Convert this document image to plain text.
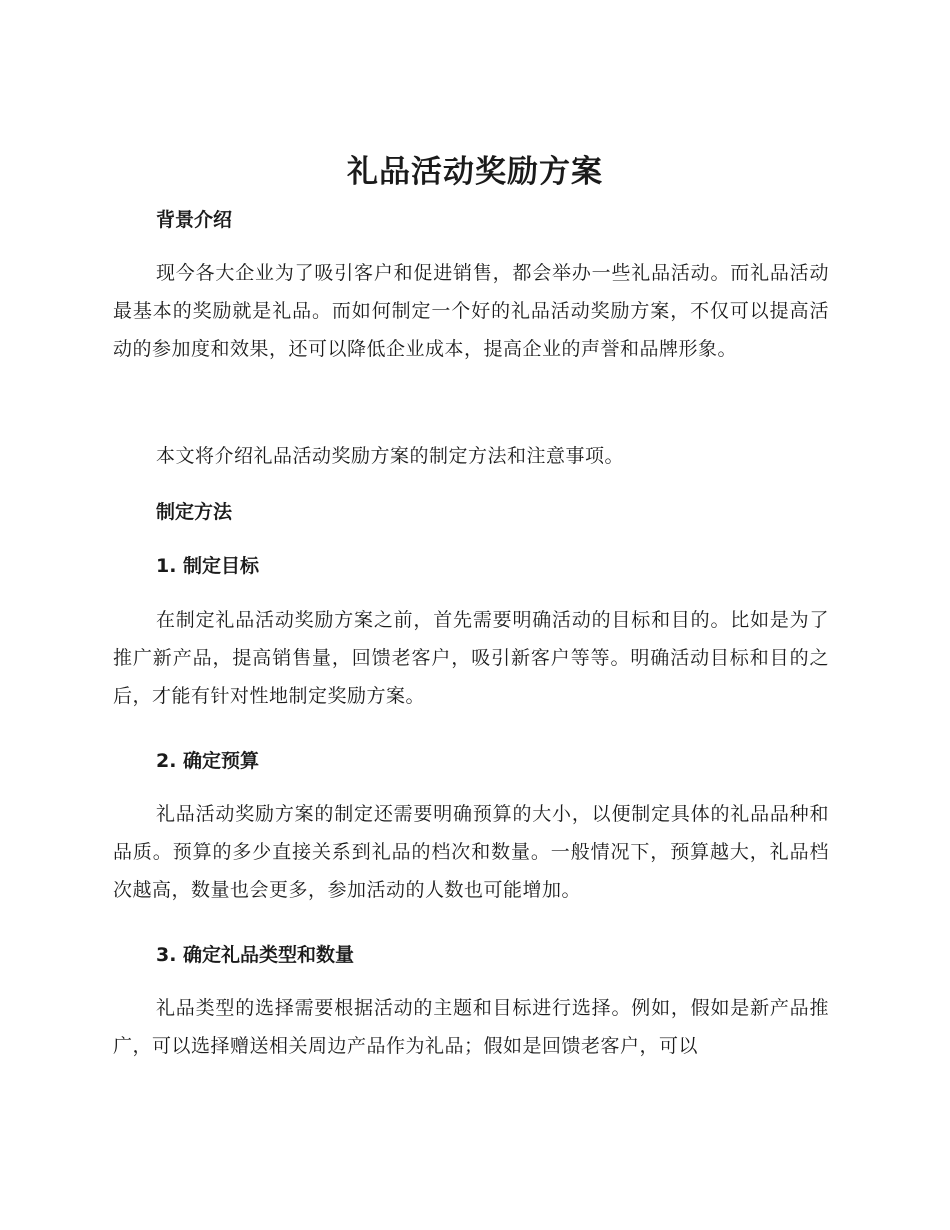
礼品活动奖励方案
背景介绍

现今各大企业为了吸引客户和促进销售，都会举办一些礼品活动。而礼品活动最基本的奖励就是礼品。而如何制定一个好的礼品活动奖励方案，不仅可以提高活动的参加度和效果，还可以降低企业成本，提高企业的声誉和品牌形象。

本文将介绍礼品活动奖励方案的制定方法和注意事项。

制定方法
1. 制定目标

在制定礼品活动奖励方案之前，首先需要明确活动的目标和目的。比如是为了推广新产品，提高销售量，回馈老客户，吸引新客户等等。明确活动目标和目的之后，才能有针对性地制定奖励方案。

2. 确定预算

礼品活动奖励方案的制定还需要明确预算的大小，以便制定具体的礼品品种和品质。预算的多少直接关系到礼品的档次和数量。一般情况下，预算越大，礼品档次越高，数量也会更多，参加活动的人数也可能增加。

3. 确定礼品类型和数量

礼品类型的选择需要根据活动的主题和目标进行选择。例如，假如是新产品推广，可以选择赠送相关周边产品作为礼品；假如是回馈老客户，可以
